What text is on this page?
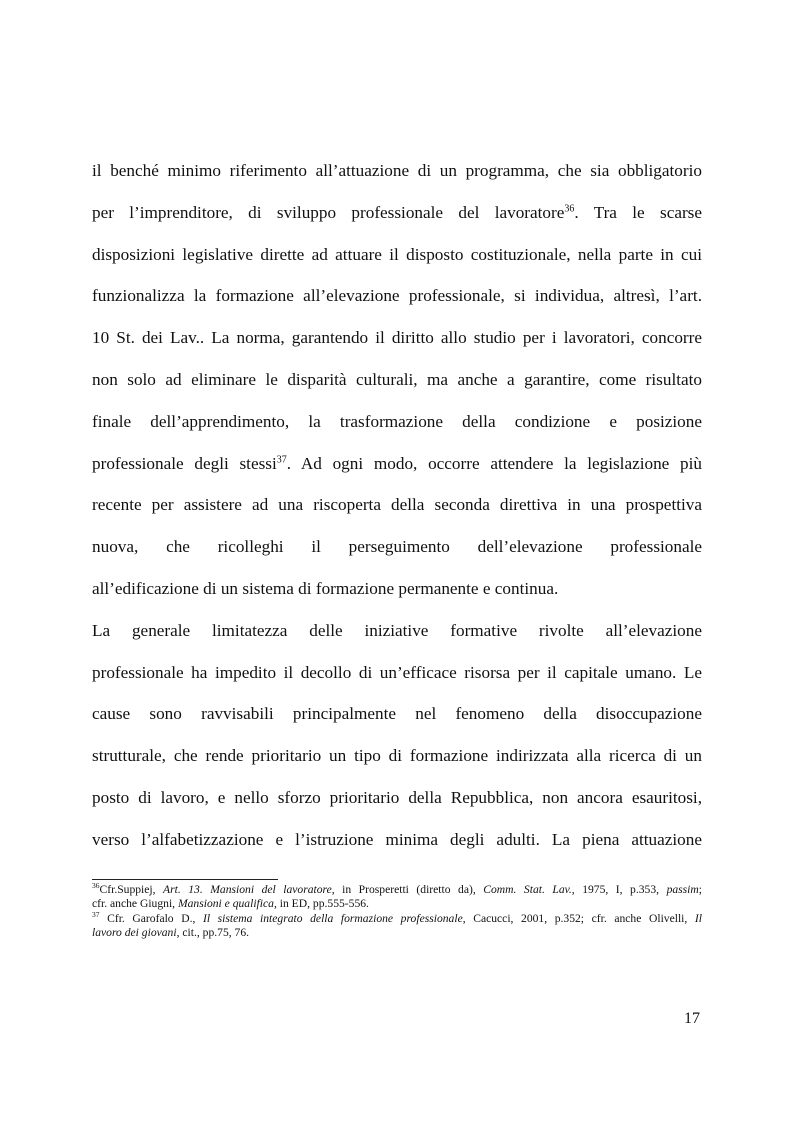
il benché minimo riferimento all’attuazione di un programma, che sia obbligatorio
per l’imprenditore, di sviluppo professionale del lavoratore$^{36}$. Tra le scarse
disposizioni legislative dirette ad attuare il disposto costituzionale, nella parte in cui
funzionalizza la formazione all’elevazione professionale, si individua, altresì, l’art.
10 St. dei Lav.. La norma, garantendo il diritto allo studio per i lavoratori, concorre
non solo ad eliminare le disparità culturali, ma anche a garantire, come risultato
finale dell’apprendimento, la trasformazione della condizione e posizione
professionale degli stessi$^{37}$. Ad ogni modo, occorre attendere la legislazione più
recente per assistere ad una riscoperta della seconda direttiva in una prospettiva
nuova, che ricolleghi il perseguimento dell’elevazione professionale
all’edificazione di un sistema di formazione permanente e continua.
La generale limitatezza delle iniziative formative rivolte all’elevazione
professionale ha impedito il decollo di un’efficace risorsa per il capitale umano. Le
cause sono ravvisabili principalmente nel fenomeno della disoccupazione
strutturale, che rende prioritario un tipo di formazione indirizzata alla ricerca di un
posto di lavoro, e nello sforzo prioritario della Repubblica, non ancora esauritosi,
verso l’alfabetizzazione e l’istruzione minima degli adulti. La piena attuazione

$^{36}$Cfr.Suppiej, Art. 13. Mansioni del lavoratore, in Prosperetti (diretto da), Comm. Stat. Lav., 1975, I, p.353, passim;
cfr. anche Giugni, Mansioni e qualifica, in ED, pp.555-556.
$^{37}$ Cfr. Garofalo D., Il sistema integrato della formazione professionale, Cacucci, 2001, p.352; cfr. anche Olivelli, Il
lavoro dei giovani, cit., pp.75, 76.
17
